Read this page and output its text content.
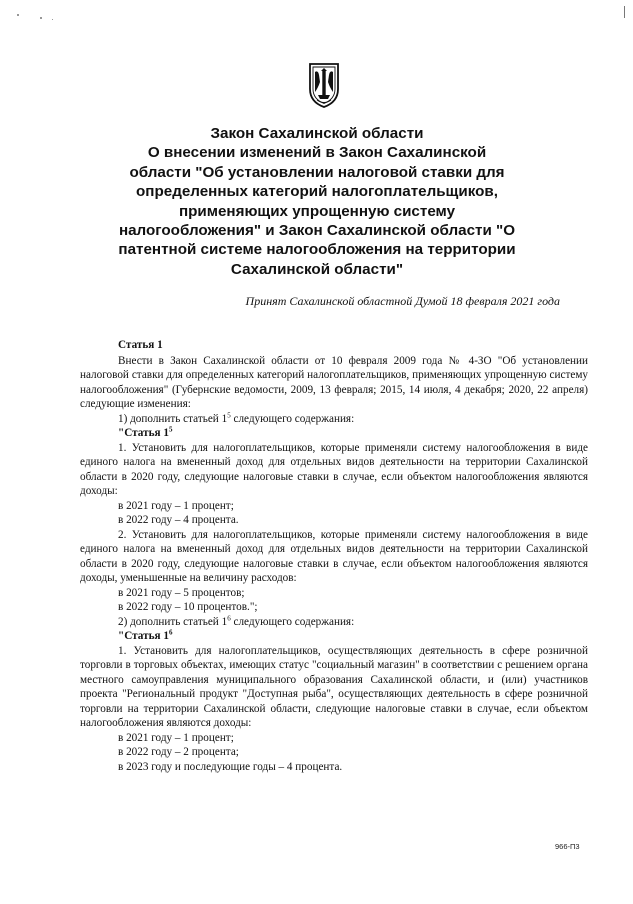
Закон Сахалинской области
О внесении изменений в Закон Сахалинской
области "Об установлении налоговой ставки для
определенных категорий налогоплательщиков,
применяющих упрощенную систему
налогообложения" и Закон Сахалинской области "О
патентной системе налогообложения на территории
Сахалинской области"
Принят Сахалинской областной Думой 18 февраля 2021 года

Статья 1

Внести в Закон Сахалинской области от 10 февраля 2009 года № 4-ЗО "Об установлении налоговой ставки для определенных категорий налогоплательщиков, применяющих упрощенную систему налогообложения" (Губернские ведомости, 2009, 13 февраля; 2015, 14 июля, 4 декабря; 2020, 22 апреля) следующие изменения:

1) дополнить статьей $1^5$ следующего содержания:

"Статья $1^5$

1. Установить для налогоплательщиков, которые применяли систему налогообложения в виде единого налога на вмененный доход для отдельных видов деятельности на территории Сахалинской области в 2020 году, следующие налоговые ставки в случае, если объектом налогообложения являются доходы:

в 2021 году – 1 процент;

в 2022 году – 4 процента.

2. Установить для налогоплательщиков, которые применяли систему налогообложения в виде единого налога на вмененный доход для отдельных видов деятельности на территории Сахалинской области в 2020 году, следующие налоговые ставки в случае, если объектом налогообложения являются доходы, уменьшенные на величину расходов:

в 2021 году – 5 процентов;

в 2022 году – 10 процентов.";

2) дополнить статьей $1^6$ следующего содержания:

"Статья $1^6$

1. Установить для налогоплательщиков, осуществляющих деятельность в сфере розничной торговли в торговых объектах, имеющих статус "социальный магазин" в соответствии с решением органа местного самоуправления муниципального образования Сахалинской области, и (или) участников проекта "Региональный продукт "Доступная рыба", осуществляющих деятельность в сфере розничной торговли на территории Сахалинской области, следующие налоговые ставки в случае, если объектом налогообложения являются доходы:

в 2021 году – 1 процент;

в 2022 году – 2 процента;

в 2023 году и последующие годы – 4 процента.

966-П3
